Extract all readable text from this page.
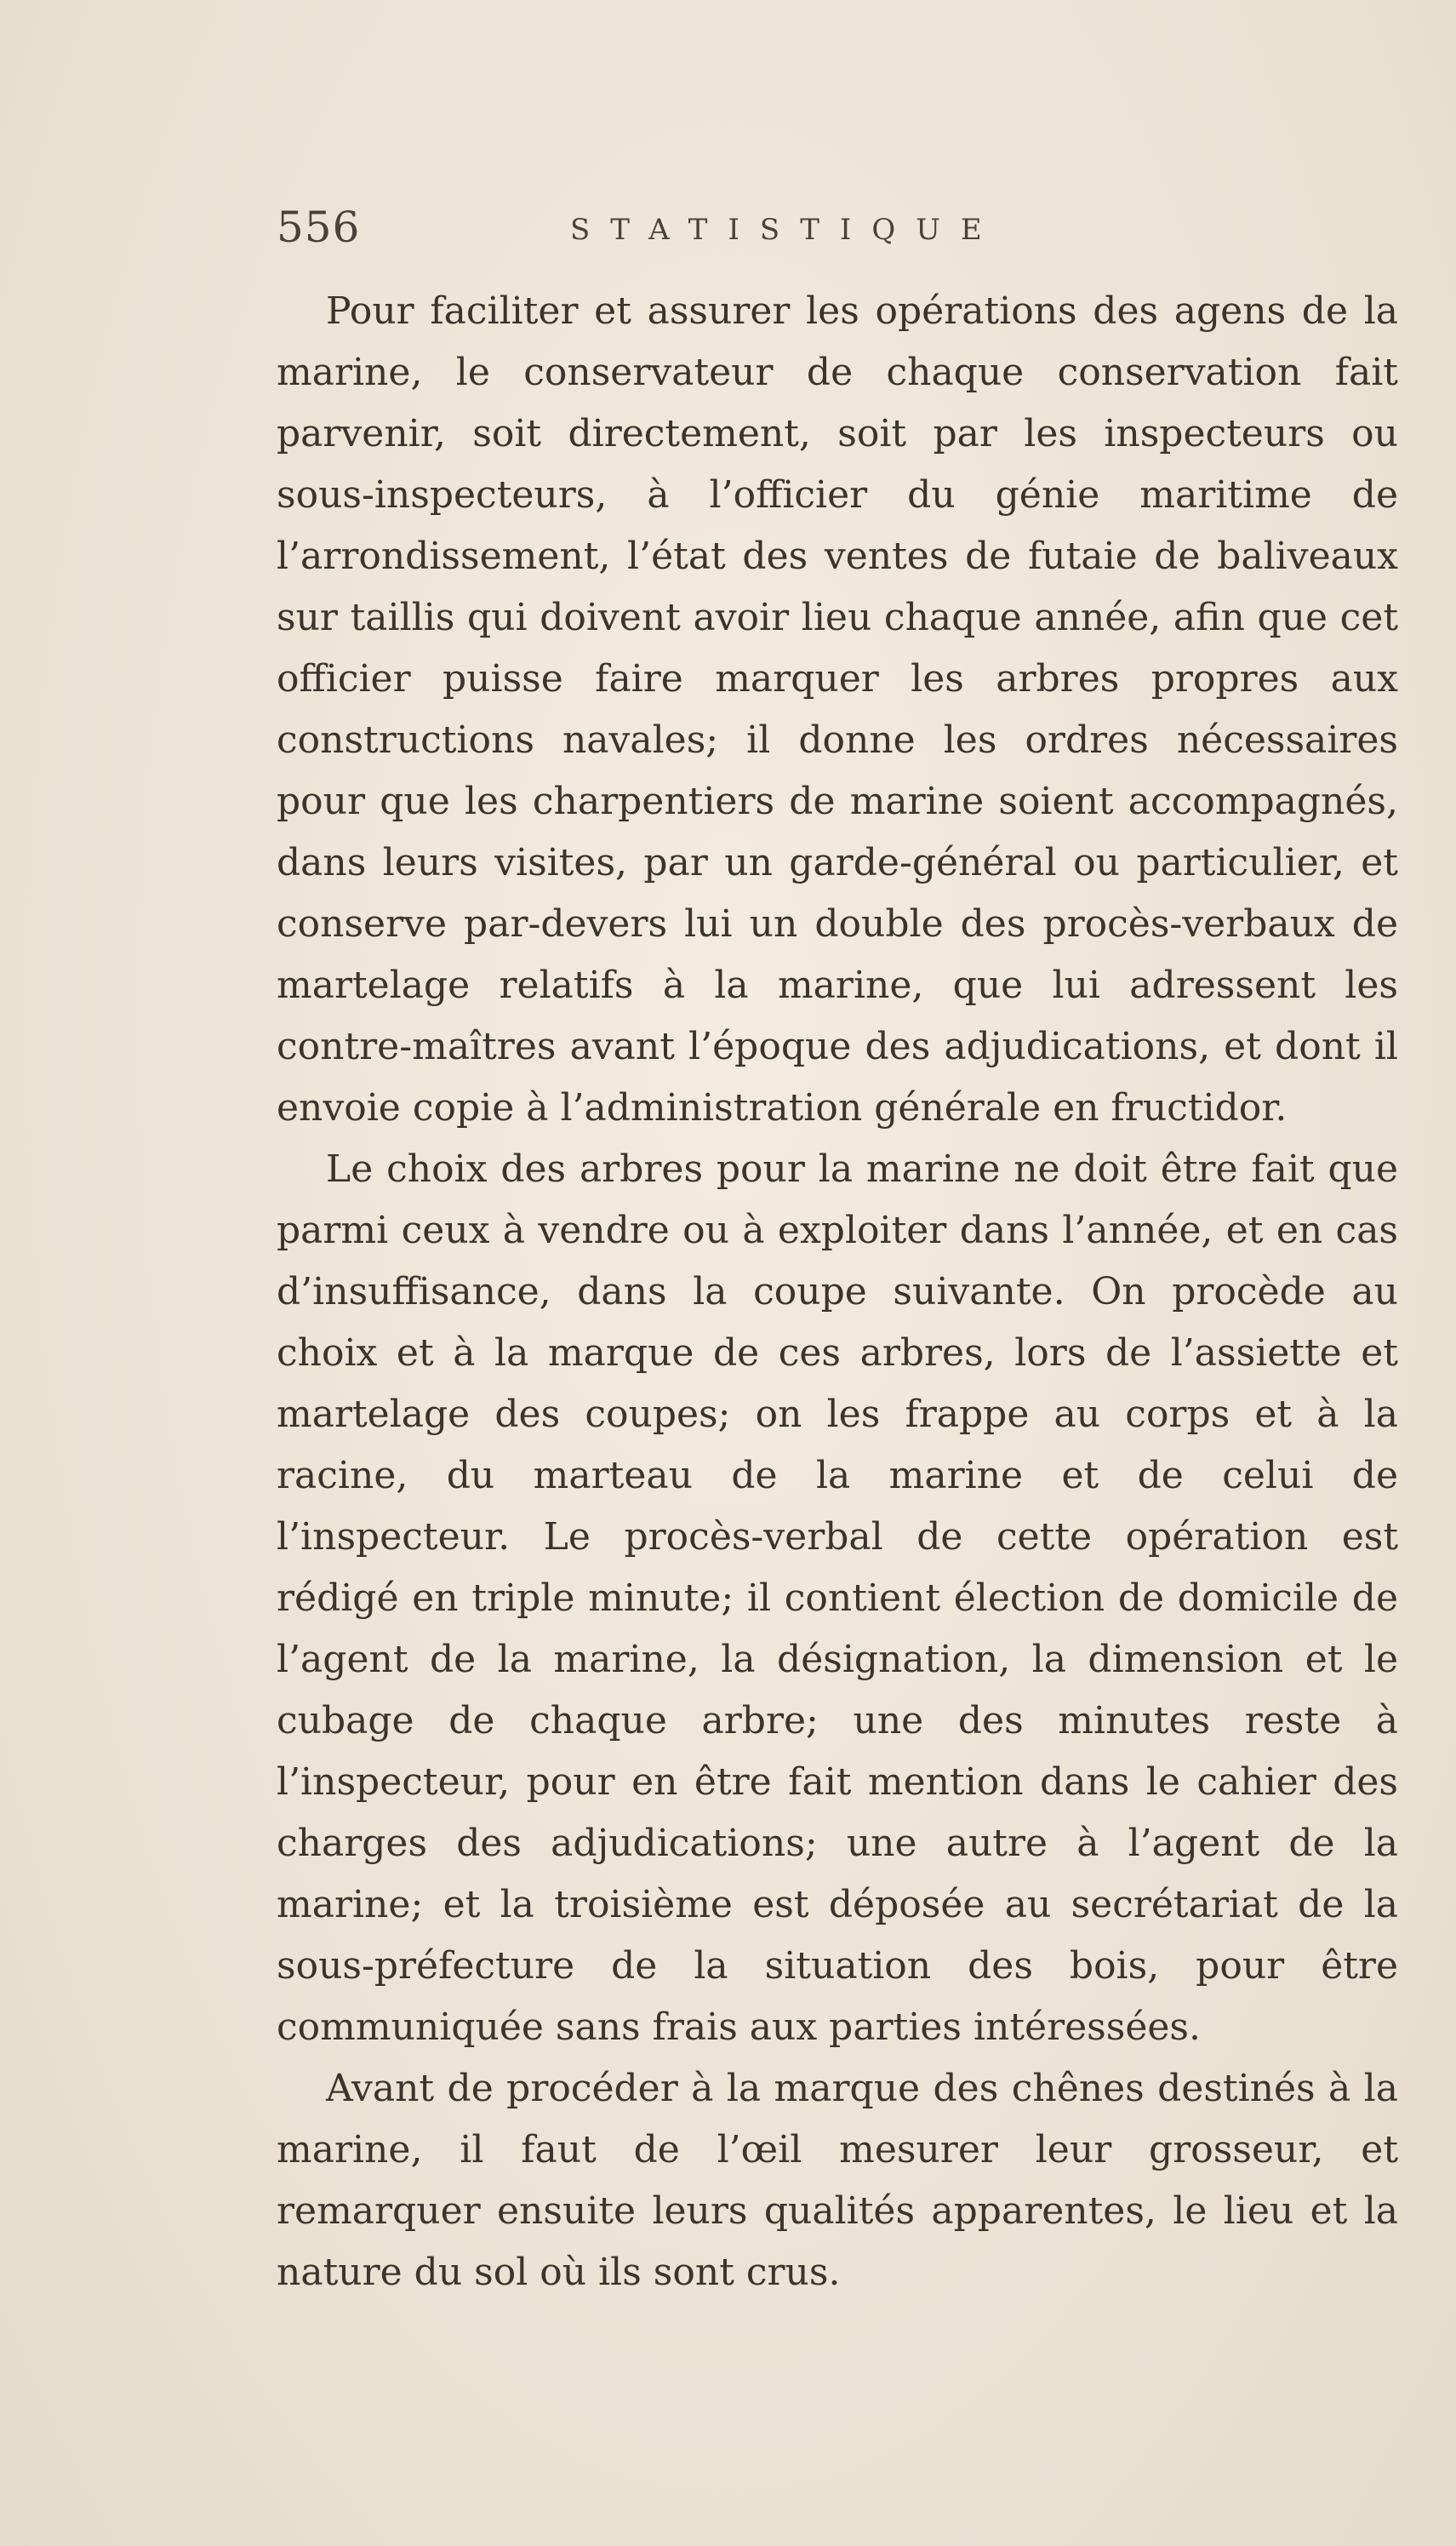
556	STATISTIQUE

Pour faciliter et assurer les opérations des agens de la marine, le conservateur de chaque conservation fait parvenir, soit directement, soit par les inspecteurs ou sous-inspecteurs, à l’officier du génie maritime de l’arrondissement, l’état des ventes de futaie de baliveaux sur taillis qui doivent avoir lieu chaque année, afin que cet officier puisse faire marquer les arbres propres aux constructions navales; il donne les ordres nécessaires pour que les charpentiers de marine soient accompagnés, dans leurs visites, par un garde-général ou particulier, et conserve par-devers lui un double des procès-verbaux de martelage relatifs à la marine, que lui adressent les contre-maîtres avant l’époque des adjudications, et dont il envoie copie à l’administration générale en fructidor.

Le choix des arbres pour la marine ne doit être fait que parmi ceux à vendre ou à exploiter dans l’année, et en cas d’insuffisance, dans la coupe suivante. On procède au choix et à la marque de ces arbres, lors de l’assiette et martelage des coupes; on les frappe au corps et à la racine, du marteau de la marine et de celui de l’inspecteur. Le procès-verbal de cette opération est rédigé en triple minute; il contient élection de domicile de l’agent de la marine, la désignation, la dimension et le cubage de chaque arbre; une des minutes reste à l’inspecteur, pour en être fait mention dans le cahier des charges des adjudications; une autre à l’agent de la marine; et la troisième est déposée au secrétariat de la sous-préfecture de la situation des bois, pour être communiquée sans frais aux parties intéressées.

Avant de procéder à la marque des chênes destinés à la marine, il faut de l’œil mesurer leur grosseur, et remarquer ensuite leurs qualités apparentes, le lieu et la nature du sol où ils sont crus.
